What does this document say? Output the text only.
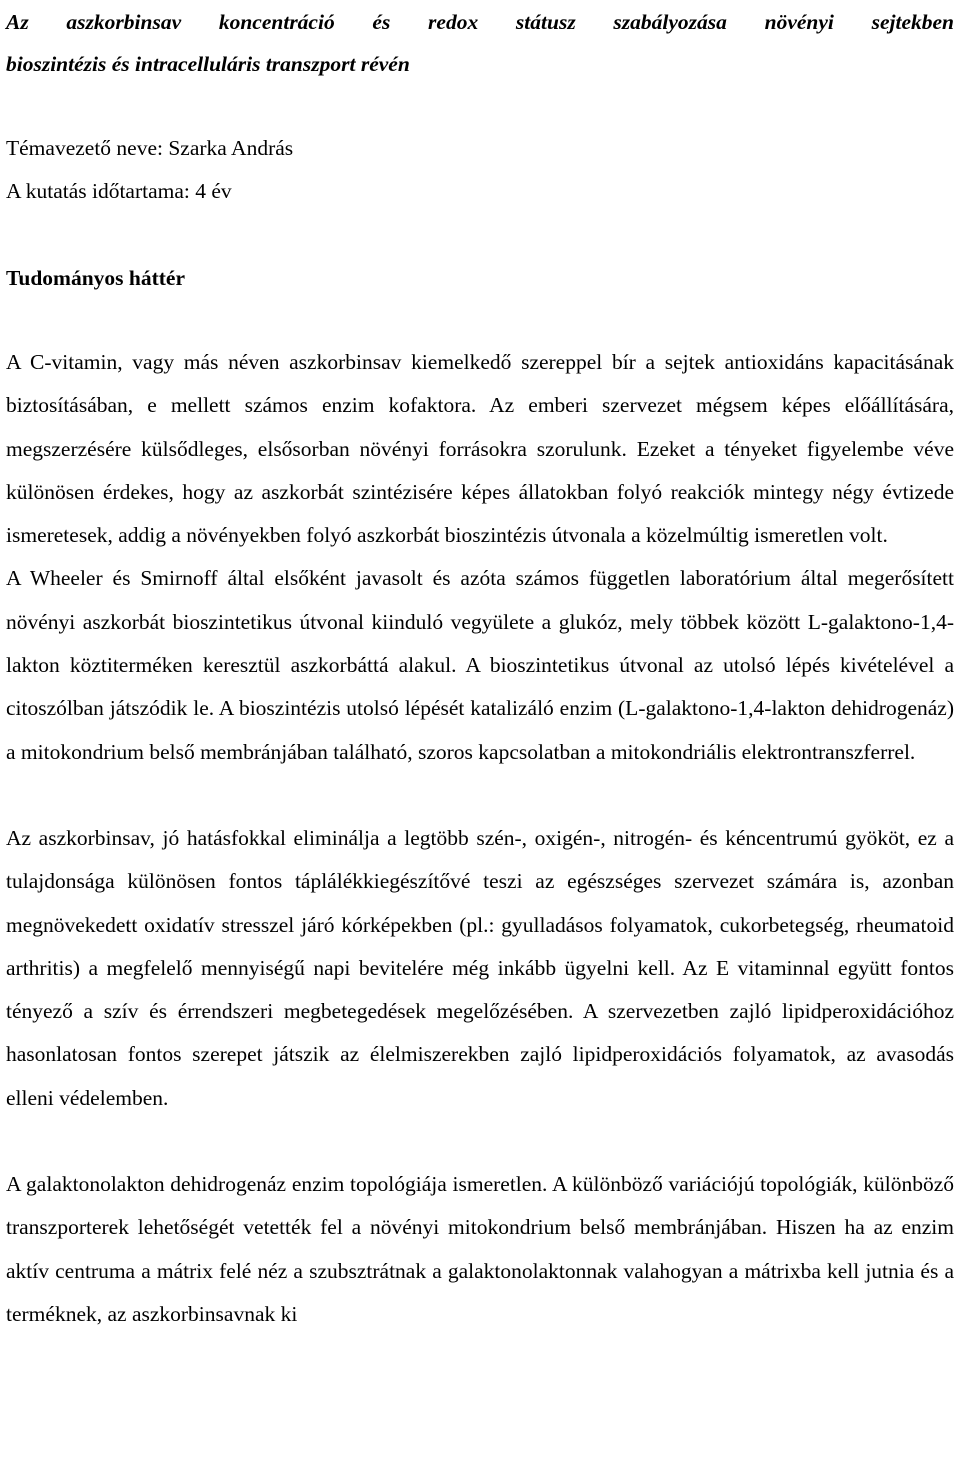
Az aszkorbinsav koncentráció és redox státusz szabályozása növényi sejtekben
bioszintézis és intracelluláris transzport révén
Témavezető neve: Szarka András
A kutatás időtartama: 4 év
Tudományos háttér

A C-vitamin, vagy más néven aszkorbinsav kiemelkedő szereppel bír a sejtek antioxidáns kapacitásának biztosításában, e mellett számos enzim kofaktora. Az emberi szervezet mégsem képes előállítására, megszerzésére külsődleges, elsősorban növényi forrásokra szorulunk. Ezeket a tényeket figyelembe véve különösen érdekes, hogy az aszkorbát szintézisére képes állatokban folyó reakciók mintegy négy évtizede ismeretesek, addig a növényekben folyó aszkorbát bioszintézis útvonala a közelmúltig ismeretlen volt.

A Wheeler és Smirnoff által elsőként javasolt és azóta számos független laboratórium által megerősített növényi aszkorbát bioszintetikus útvonal kiinduló vegyülete a glukóz, mely többek között L-galaktono-1,4-lakton köztiterméken keresztül aszkorbáttá alakul. A bioszintetikus útvonal az utolsó lépés kivételével a citoszólban játszódik le. A bioszintézis utolsó lépését katalizáló enzim (L-galaktono-1,4-lakton dehidrogenáz) a mitokondrium belső membránjában található, szoros kapcsolatban a mitokondriális elektrontranszferrel.

Az aszkorbinsav, jó hatásfokkal eliminálja a legtöbb szén-, oxigén-, nitrogén- és kéncentrumú gyököt, ez a tulajdonsága különösen fontos táplálékkiegészítővé teszi az egészséges szervezet számára is, azonban megnövekedett oxidatív stresszel járó kórképekben (pl.: gyulladásos folyamatok, cukorbetegség, rheumatoid arthritis) a megfelelő mennyiségű napi bevitelére még inkább ügyelni kell. Az E vitaminnal együtt fontos tényező a szív és érrendszeri megbetegedések megelőzésében. A szervezetben zajló lipidperoxidációhoz hasonlatosan fontos szerepet játszik az élelmiszerekben zajló lipidperoxidációs folyamatok, az avasodás elleni védelemben.

A galaktonolakton dehidrogenáz enzim topológiája ismeretlen. A különböző variációjú topológiák, különböző transzporterek lehetőségét vetették fel a növényi mitokondrium belső membránjában. Hiszen ha az enzim aktív centruma a mátrix felé néz a szubsztrátnak a galaktonolaktonnak valahogyan a mátrixba kell jutnia és a terméknek, az aszkorbinsavnak ki
